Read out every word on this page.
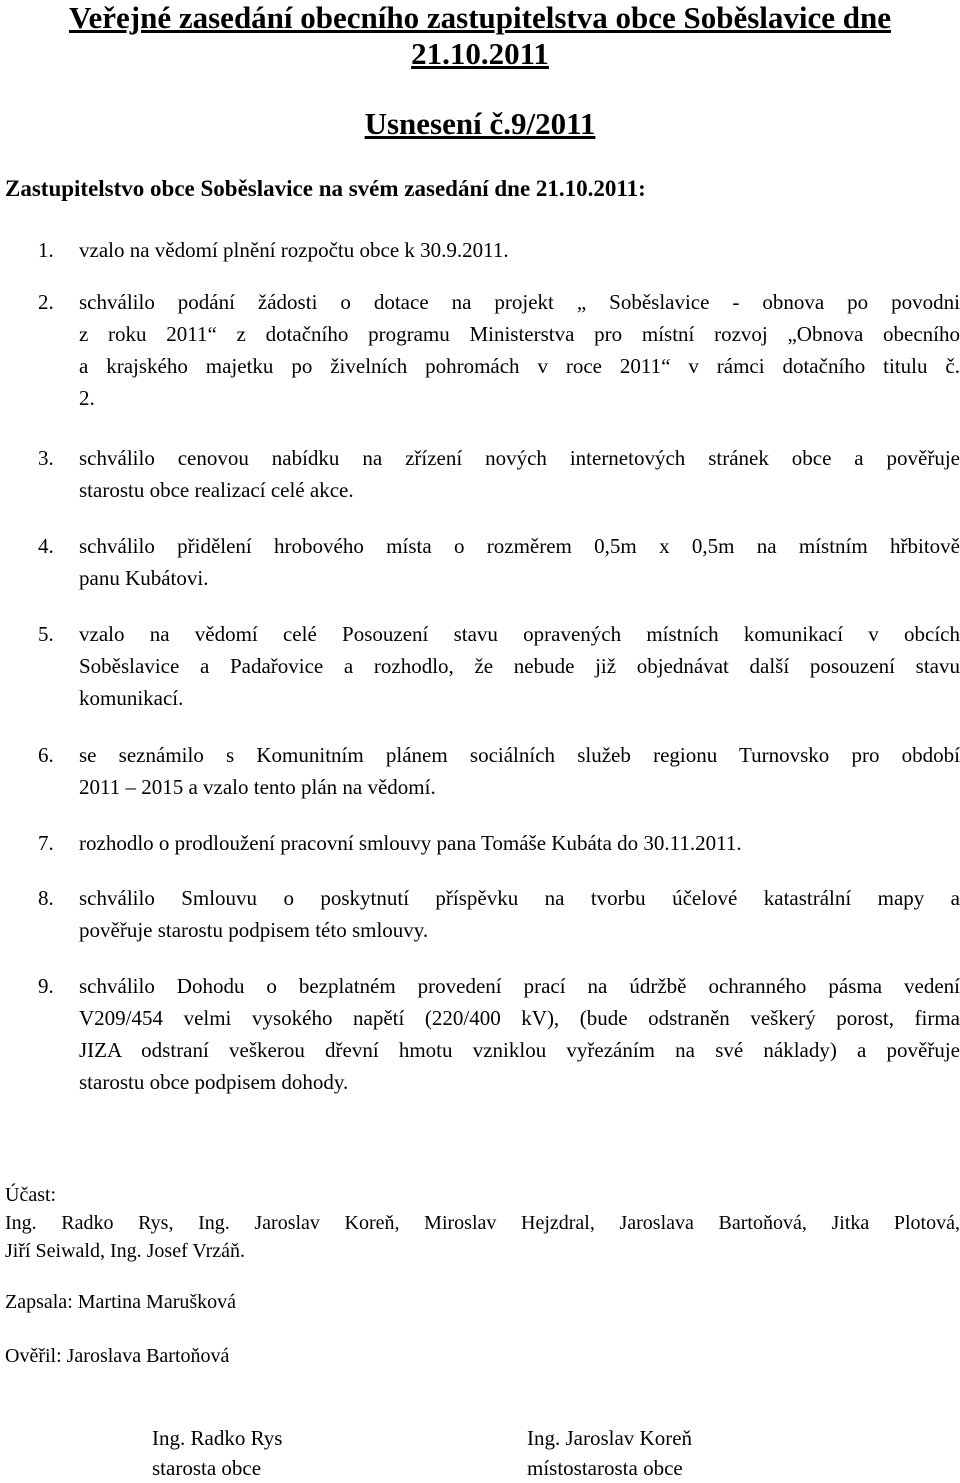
Veřejné zasedání obecního zastupitelstva obce Soběslavice dne
21.10.2011
Usnesení č.9/2011
Zastupitelstvo obce Soběslavice na svém zasedání dne 21.10.2011:
1. vzalo na vědomí plnění rozpočtu obce k 30.9.2011.
2. schválilo podání žádosti o dotace na projekt „ Soběslavice - obnova po povodni
z roku 2011“ z dotačního programu Ministerstva pro místní rozvoj „Obnova obecního
a krajského majetku po živelních pohromách v roce 2011“ v rámci dotačního titulu č.
2.
3. schválilo cenovou nabídku na zřízení nových internetových stránek obce a pověřuje
starostu obce realizací celé akce.
4. schválilo přidělení hrobového místa o rozměrem 0,5m x 0,5m na místním hřbitově
panu Kubátovi.
5. vzalo na vědomí celé Posouzení stavu opravených místních komunikací v obcích
Soběslavice a Padařovice a rozhodlo, že nebude již objednávat další posouzení stavu
komunikací.
6. se seznámilo s Komunitním plánem sociálních služeb regionu Turnovsko pro období
2011 – 2015 a vzalo tento plán na vědomí.
7. rozhodlo o prodloužení pracovní smlouvy pana Tomáše Kubáta do 30.11.2011.
8. schválilo Smlouvu o poskytnutí příspěvku na tvorbu účelové katastrální mapy a
pověřuje starostu podpisem této smlouvy.
9. schválilo Dohodu o bezplatném provedení prací na údržbě ochranného pásma vedení
V209/454 velmi vysokého napětí (220/400 kV), (bude odstraněn veškerý porost, firma
JIZA odstraní veškerou dřevní hmotu vzniklou vyřezáním na své náklady) a pověřuje
starostu obce podpisem dohody.
Účast:
Ing. Radko Rys, Ing. Jaroslav Koreň, Miroslav Hejzdral, Jaroslava Bartoňová, Jitka Plotová,
Jiří Seiwald, Ing. Josef Vrzáň.
Zapsala: Martina Marušková
Ověřil: Jaroslava Bartoňová
Ing. Radko Rys
starosta obce
Ing. Jaroslav Koreň
místostarosta obce
